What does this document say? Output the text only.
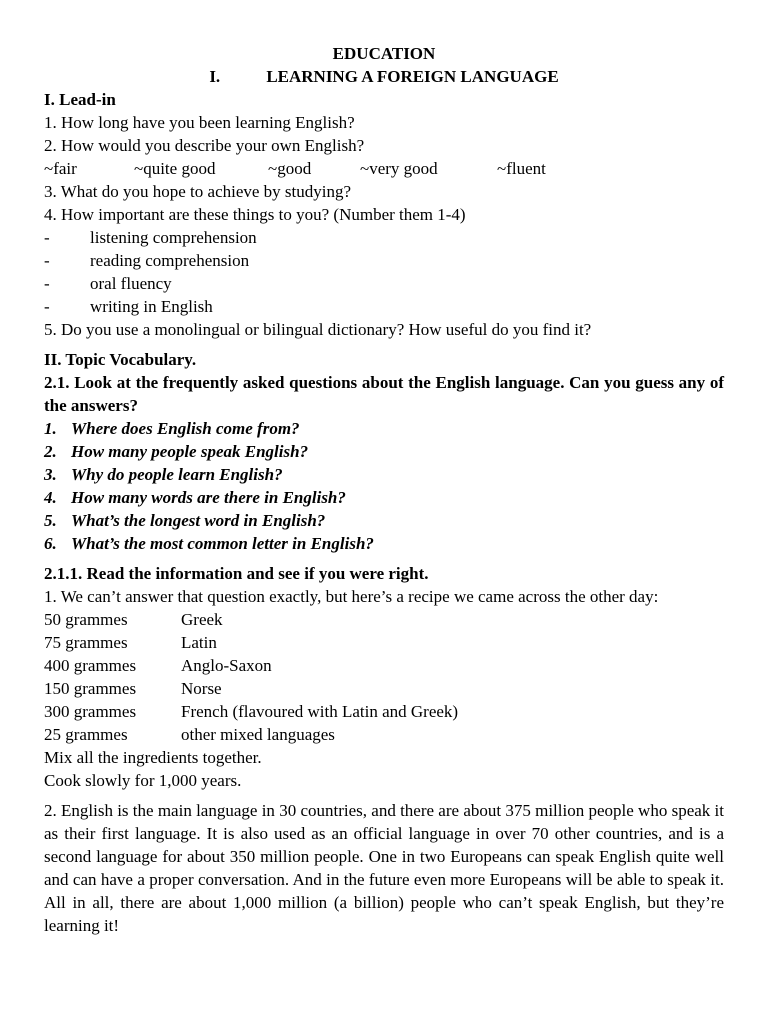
EDUCATION
I.	LEARNING A FOREIGN LANGUAGE
I. Lead-in
1. How long have you been learning English?
2. How would you describe your own English?
~fair	~quite good	~good	~very good	~fluent
3. What do you hope to achieve by studying?
4. How important are these things to you? (Number them 1-4)
-	listening comprehension
-	reading comprehension
-	oral fluency
-	writing in English
5. Do you use a monolingual or bilingual dictionary? How useful do you find it?
II. Topic Vocabulary.
2.1. Look at the frequently asked questions about the English language. Can you guess any of the answers?
1. Where does English come from?
2. How many people speak English?
3. Why do people learn English?
4. How many words are there in English?
5. What’s the longest word in English?
6. What’s the most common letter in English?
2.1.1. Read the information and see if you were right.
1. We can’t answer that question exactly, but here’s a recipe we came across the other day:
50 grammes	Greek
75 grammes	Latin
400 grammes	Anglo-Saxon
150 grammes	Norse
300 grammes	French (flavoured with Latin and Greek)
25 grammes	other mixed languages
Mix all the ingredients together.
Cook slowly for 1,000 years.
2. English is the main language in 30 countries, and there are about 375 million people who speak it as their first language. It is also used as an official language in over 70 other countries, and is a second language for about 350 million people. One in two Europeans can speak English quite well and can have a proper conversation. And in the future even more Europeans will be able to speak it. All in all, there are about 1,000 million (a billion) people who can’t speak English, but they’re learning it!
